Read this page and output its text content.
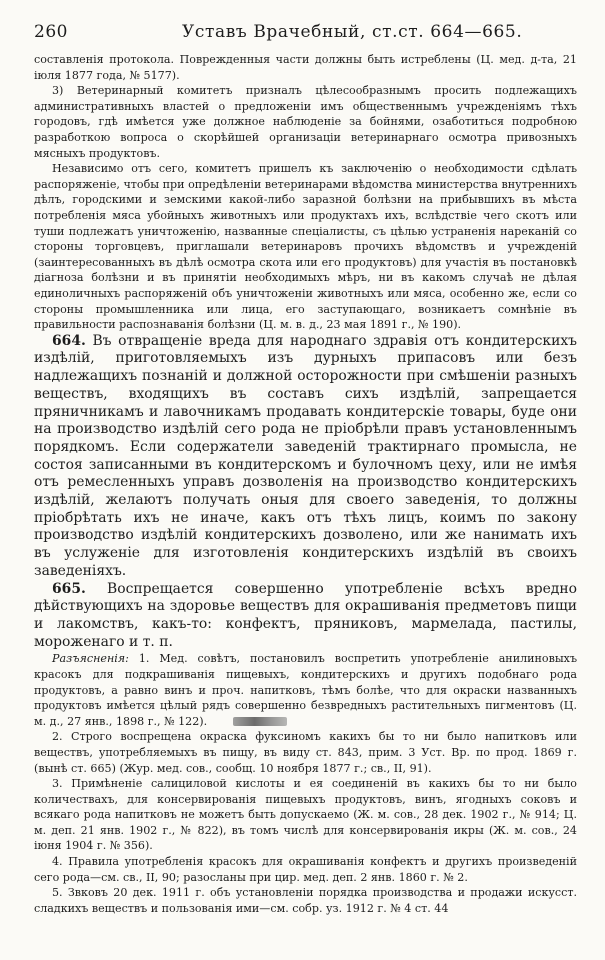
260	Уставъ Врачебный, ст.ст. 664—665.

составленія протокола. Поврежденныя части должны быть истреблены (Ц. мед. д-та, 21 іюля 1877 года, № 5177).

3) Ветеринарный комитетъ призналъ цѣлесообразнымъ просить подлежащихъ административныхъ властей о предложеніи имъ общественнымъ учрежденіямъ тѣхъ городовъ, гдѣ имѣется уже должное наблюденіе за бойнями, озаботиться подробною разработкою вопроса о скорѣйшей организаціи ветеринарнаго осмотра привозныхъ мясныхъ продуктовъ.

Независимо отъ сего, комитетъ пришелъ къ заключенію о необходимости сдѣлать распоряженіе, чтобы при опредѣленіи ветеринарами вѣдомства министерства внутреннихъ дѣлъ, городскими и земскими какой-либо заразной болѣзни на прибывшихъ въ мѣста потребленія мяса убойныхъ животныхъ или продуктахъ ихъ, вслѣдствіе чего скотъ или туши подлежатъ уничтоженію, названные спеціалисты, съ цѣлью устраненія нареканій со стороны торговцевъ, приглашали ветеринаровъ прочихъ вѣдомствъ и учрежденій (заинтересованныхъ въ дѣлѣ осмотра скота или его продуктовъ) для участія въ постановкѣ діагноза болѣзни и въ принятіи необходимыхъ мѣръ, ни въ какомъ случаѣ не дѣлая единоличныхъ распоряженій объ уничтоженіи животныхъ или мяса, особенно же, если со стороны промышленника или лица, его заступающаго, возникаетъ сомнѣніе въ правильности распознаванія болѣзни (Ц. м. в. д., 23 мая 1891 г., № 190).

664. Въ отвращеніе вреда для народнаго здравія отъ кондитерскихъ издѣлій, приготовляемыхъ изъ дурныхъ припасовъ или безъ надлежащихъ познаній и должной осторожности при смѣшеніи разныхъ веществъ, входящихъ въ составъ сихъ издѣлій, запрещается пряничникамъ и лавочникамъ продавать кондитерскіе товары, буде они на производство издѣлій сего рода не пріобрѣли правъ установленнымъ порядкомъ. Если содержатели заведеній трактирнаго промысла, не состоя записанными въ кондитерскомъ и булочномъ цеху, или не имѣя отъ ремесленныхъ управъ дозволенія на производство кондитерскихъ издѣлій, желаютъ получать оныя для своего заведенія, то должны пріобрѣтать ихъ не иначе, какъ отъ тѣхъ лицъ, коимъ по закону производство издѣлій кондитерскихъ дозволено, или же нанимать ихъ въ услуженіе для изготовленія кондитерскихъ издѣлій въ своихъ заведеніяхъ.

665. Воспрещается совершенно употребленіе всѣхъ вредно дѣйствующихъ на здоровье веществъ для окрашиванія предметовъ пищи и лакомствъ, какъ-то: конфектъ, пряниковъ, мармелада, пастилы, мороженаго и т. п.

Разъясненія: 1. Мед. совѣтъ, постановилъ воспретить употребленіе анилиновыхъ красокъ для подкрашиванія пищевыхъ, кондитерскихъ и другихъ подобнаго рода продуктовъ, а равно винъ и проч. напитковъ, тѣмъ болѣе, что для окраски названныхъ продуктовъ имѣется цѣлый рядъ совершенно безвредныхъ растительныхъ пигментовъ (Ц. м. д., 27 янв., 1898 г., № 122).

2. Строго воспрещена окраска фуксиномъ какихъ бы то ни было напитковъ или веществъ, употребляемыхъ въ пищу, въ виду ст. 843, прим. 3 Уст. Вр. по прод. 1869 г. (вынѣ ст. 665) (Жур. мед. сов., сообщ. 10 ноября 1877 г.; св., II, 91).

3. Примѣненіе салициловой кислоты и ея соединеній въ какихъ бы то ни было количествахъ, для консервированія пищевыхъ продуктовъ, винъ, ягодныхъ соковъ и всякаго рода напитковъ не можетъ быть допускаемо (Ж. м. сов., 28 дек. 1902 г., № 914; Ц. м. деп. 21 янв. 1902 г., № 822), въ томъ числѣ для консервированія икры (Ж. м. сов., 24 іюня 1904 г. № 356).

4. Правила употребленія красокъ для окрашиванія конфектъ и другихъ произведеній сего рода—см. св., II, 90; разосланы при цир. мед. деп. 2 янв. 1860 г. № 2.

5. Звковъ 20 дек. 1911 г. объ установленіи порядка производства и продажи искусст. сладкихъ веществъ и пользованія ими—см. собр. уз. 1912 г. № 4 ст. 44
